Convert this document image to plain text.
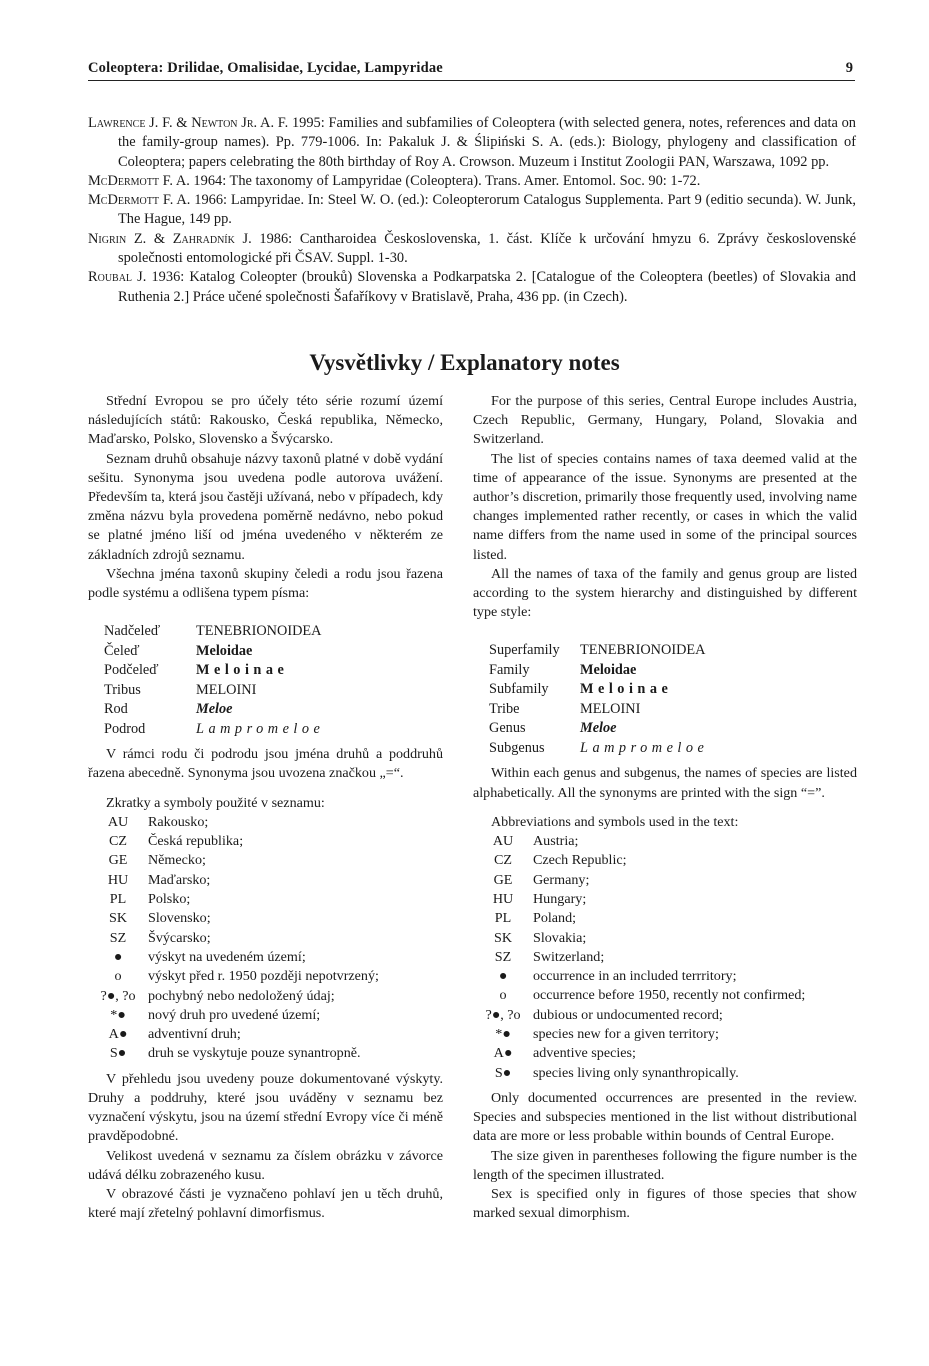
Coleoptera: Drilidae, Omalisidae, Lycidae, Lampyridae	9

Lawrence J. F. & Newton Jr. A. F. 1995: Families and subfamilies of Coleoptera (with selected genera, notes, references and data on the family-group names). Pp. 779-1006. In: Pakaluk J. & Ślipiński S. A. (eds.): Biology, phylogeny and classification of Coleoptera; papers celebrating the 80th birthday of Roy A. Crowson. Muzeum i Institut Zoologii PAN, Warszawa, 1092 pp.

McDermott F. A. 1964: The taxonomy of Lampyridae (Coleoptera). Trans. Amer. Entomol. Soc. 90: 1-72.

McDermott F. A. 1966: Lampyridae. In: Steel W. O. (ed.): Coleopterorum Catalogus Supplementa. Part 9 (editio secunda). W. Junk, The Hague, 149 pp.

Nigrin Z. & Zahradník J. 1986: Cantharoidea Československa, 1. část. Klíče k určování hmyzu 6. Zprávy československé společnosti entomologické při ČSAV. Suppl. 1-30.

Roubal J. 1936: Katalog Coleopter (brouků) Slovenska a Podkarpatska 2. [Catalogue of the Coleoptera (beetles) of Slovakia and Ruthenia 2.] Práce učené společnosti Šafaříkovy v Bratislavě, Praha, 436 pp. (in Czech).

Vysvětlivky / Explanatory notes

Střední Evropou se pro účely této série rozumí území následujících států: Rakousko, Česká republika, Německo, Maďarsko, Polsko, Slovensko a Švýcarsko.

Seznam druhů obsahuje názvy taxonů platné v době vydání sešitu. Synonyma jsou uvedena podle autorova uvážení. Především ta, která jsou častěji užívaná, nebo v případech, kdy změna názvu byla provedena poměrně nedávno, nebo pokud se platné jméno liší od jména uvedeného v některém ze základních zdrojů seznamu.

Všechna jména taxonů skupiny čeledi a rodu jsou řazena podle systému a odlišena typem písma:

Nadčeleď	TENEBRIONOIDEA
Čeleď	Meloidae
Podčeleď	Meloinae
Tribus	MELOINI
Rod	Meloe
Podrod	Lampromeloe

V rámci rodu či podrodu jsou jména druhů a poddruhů řazena abecedně. Synonyma jsou uvozena značkou „=“.

Zkratky a symboly použité v seznamu:

AU	Rakousko;
CZ	Česká republika;
GE	Německo;
HU	Maďarsko;
PL	Polsko;
SK	Slovensko;
SZ	Švýcarsko;
●	výskyt na uvedeném území;
o	výskyt před r. 1950 později nepotvrzený;
?●, ?o	pochybný nebo nedoložený údaj;
*●	nový druh pro uvedené území;
A●	adventivní druh;
S●	druh se vyskytuje pouze synantropně.

V přehledu jsou uvedeny pouze dokumentované výskyty. Druhy a poddruhy, které jsou uváděny v seznamu bez vyznačení výskytu, jsou na území střední Evropy více či méně pravděpodobné.

Velikost uvedená v seznamu za číslem obrázku v závorce udává délku zobrazeného kusu.

V obrazové části je vyznačeno pohlaví jen u těch druhů, které mají zřetelný pohlavní dimorfismus.

For the purpose of this series, Central Europe includes Austria, Czech Republic, Germany, Hungary, Poland, Slovakia and Switzerland.

The list of species contains names of taxa deemed valid at the time of appearance of the issue. Synonyms are presented at the author’s discretion, primarily those frequently used, involving name changes implemented rather recently, or cases in which the valid name differs from the name used in some of the principal sources listed.

All the names of taxa of the family and genus group are listed according to the system hierarchy and distinguished by different type style:

Superfamily	TENEBRIONOIDEA
Family	Meloidae
Subfamily	Meloinae
Tribe	MELOINI
Genus	Meloe
Subgenus	Lampromeloe

Within each genus and subgenus, the names of species are listed alphabetically. All the synonyms are printed with the sign “=”.

Abbreviations and symbols used in the text:

AU	Austria;
CZ	Czech Republic;
GE	Germany;
HU	Hungary;
PL	Poland;
SK	Slovakia;
SZ	Switzerland;
●	occurrence in an included terrritory;
o	occurrence before 1950, recently not confirmed;
?●, ?o	dubious or undocumented record;
*●	species new for a given territory;
A●	adventive species;
S●	species living only synanthropically.

Only documented occurrences are presented in the review. Species and subspecies mentioned in the list without distributional data are more or less probable within bounds of Central Europe.

The size given in parentheses following the figure number is the length of the specimen illustrated.

Sex is specified only in figures of those species that show marked sexual dimorphism.
